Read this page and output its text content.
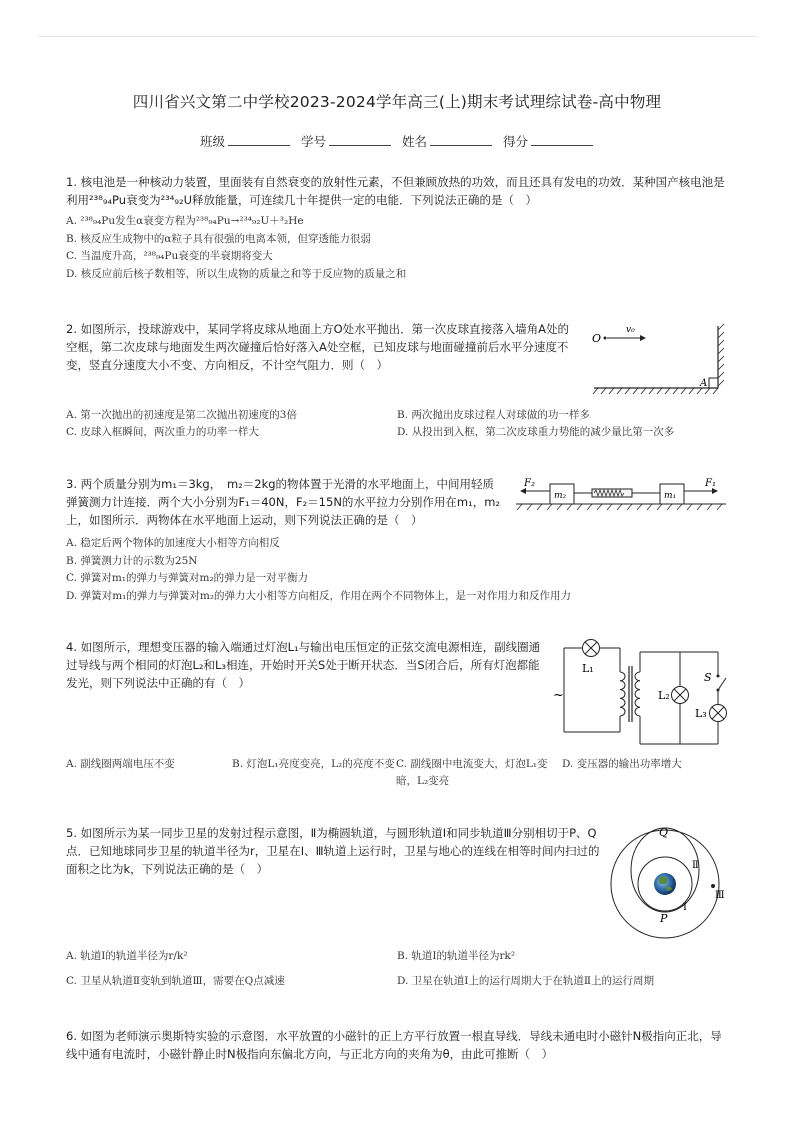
四川省兴文第二中学校2023-2024学年高三(上)期末考试理综试卷-高中物理
班级	学号	姓名	得分

1. 核电池是一种核动力装置，里面装有自然衰变的放射性元素，不但兼顾放热的功效，而且还具有发电的功效．某种国产核电池是利用²³⁸₉₄Pu衰变为²³⁴₉₂U释放能量，可连续几十年提供一定的电能．下列说法正确的是（　）

A. ²³⁸₉₄Pu发生α衰变方程为²³⁸₉₄Pu→²³⁴₉₂U＋³₂He
B. 核反应生成物中的α粒子具有很强的电离本领，但穿透能力很弱
C. 当温度升高，²³⁸₉₄Pu衰变的半衰期将变大
D. 核反应前后核子数相等，所以生成物的质量之和等于反应物的质量之和

2. 如图所示，投球游戏中，某同学将皮球从地面上方O处水平抛出．第一次皮球直接落入墙角A处的空框，第二次皮球与地面发生两次碰撞后恰好落入A处空框，已知皮球与地面碰撞前后水平分速度不变，竖直分速度大小不变、方向相反，不计空气阻力．则（　）

O
v₀
A
A. 第一次抛出的初速度是第二次抛出初速度的3倍	B. 两次抛出皮球过程人对球做的功一样多
C. 皮球入框瞬间，两次重力的功率一样大	D. 从投出到入框，第二次皮球重力势能的减少量比第一次多

3. 两个质量分别为m₁＝3kg，　m₂＝2kg的物体置于光滑的水平地面上，中间用轻质弹簧测力计连接．两个大小分别为F₁＝40N，F₂＝15N的水平拉力分别作用在m₁，m₂上，如图所示．两物体在水平地面上运动，则下列说法正确的是（　）

F₂
m₂	m₁
F₁
A. 稳定后两个物体的加速度大小相等方向相反
B. 弹簧测力计的示数为25N
C. 弹簧对m₁的弹力与弹簧对m₂的弹力是一对平衡力
D. 弹簧对m₁的弹力与弹簧对m₂的弹力大小相等方向相反，作用在两个不同物体上，是一对作用力和反作用力

4. 如图所示，理想变压器的输入端通过灯泡L₁与输出电压恒定的正弦交流电源相连，副线圈通过导线与两个相同的灯泡L₂和L₃相连，开始时开关S处于断开状态．当S闭合后，所有灯泡都能发光，则下列说法中正确的有（　）

L₁
L₂
L₃
S
~
A. 副线圈两端电压不变	B. 灯泡L₁亮度变亮，L₂的亮度不变 C. 副线圈中电流变大，灯泡L₁变暗，L₂变亮
D. 变压器的输出功率增大

5. 如图所示为某一同步卫星的发射过程示意图，Ⅱ为椭圆轨道，与圆形轨道Ⅰ和同步轨道Ⅲ分别相切于P、Q点．已知地球同步卫星的轨道半径为r，卫星在Ⅰ、Ⅲ轨道上运行时，卫星与地心的连线在相等时间内扫过的面积之比为k，下列说法正确的是（　）

Q
P
Ⅱ
Ⅰ
Ⅲ
A. 轨道Ⅰ的轨道半径为r/k²	B. 轨道Ⅰ的轨道半径为rk²
C. 卫星从轨道Ⅱ变轨到轨道Ⅲ，需要在Q点减速	D. 卫星在轨道Ⅰ上的运行周期大于在轨道Ⅱ上的运行周期

6. 如图为老师演示奥斯特实验的示意图．水平放置的小磁针的正上方平行放置一根直导线．导线未通电时小磁针N极指向正北，导线中通有电流时，小磁针静止时N极指向东偏北方向，与正北方向的夹角为θ，由此可推断（　）
